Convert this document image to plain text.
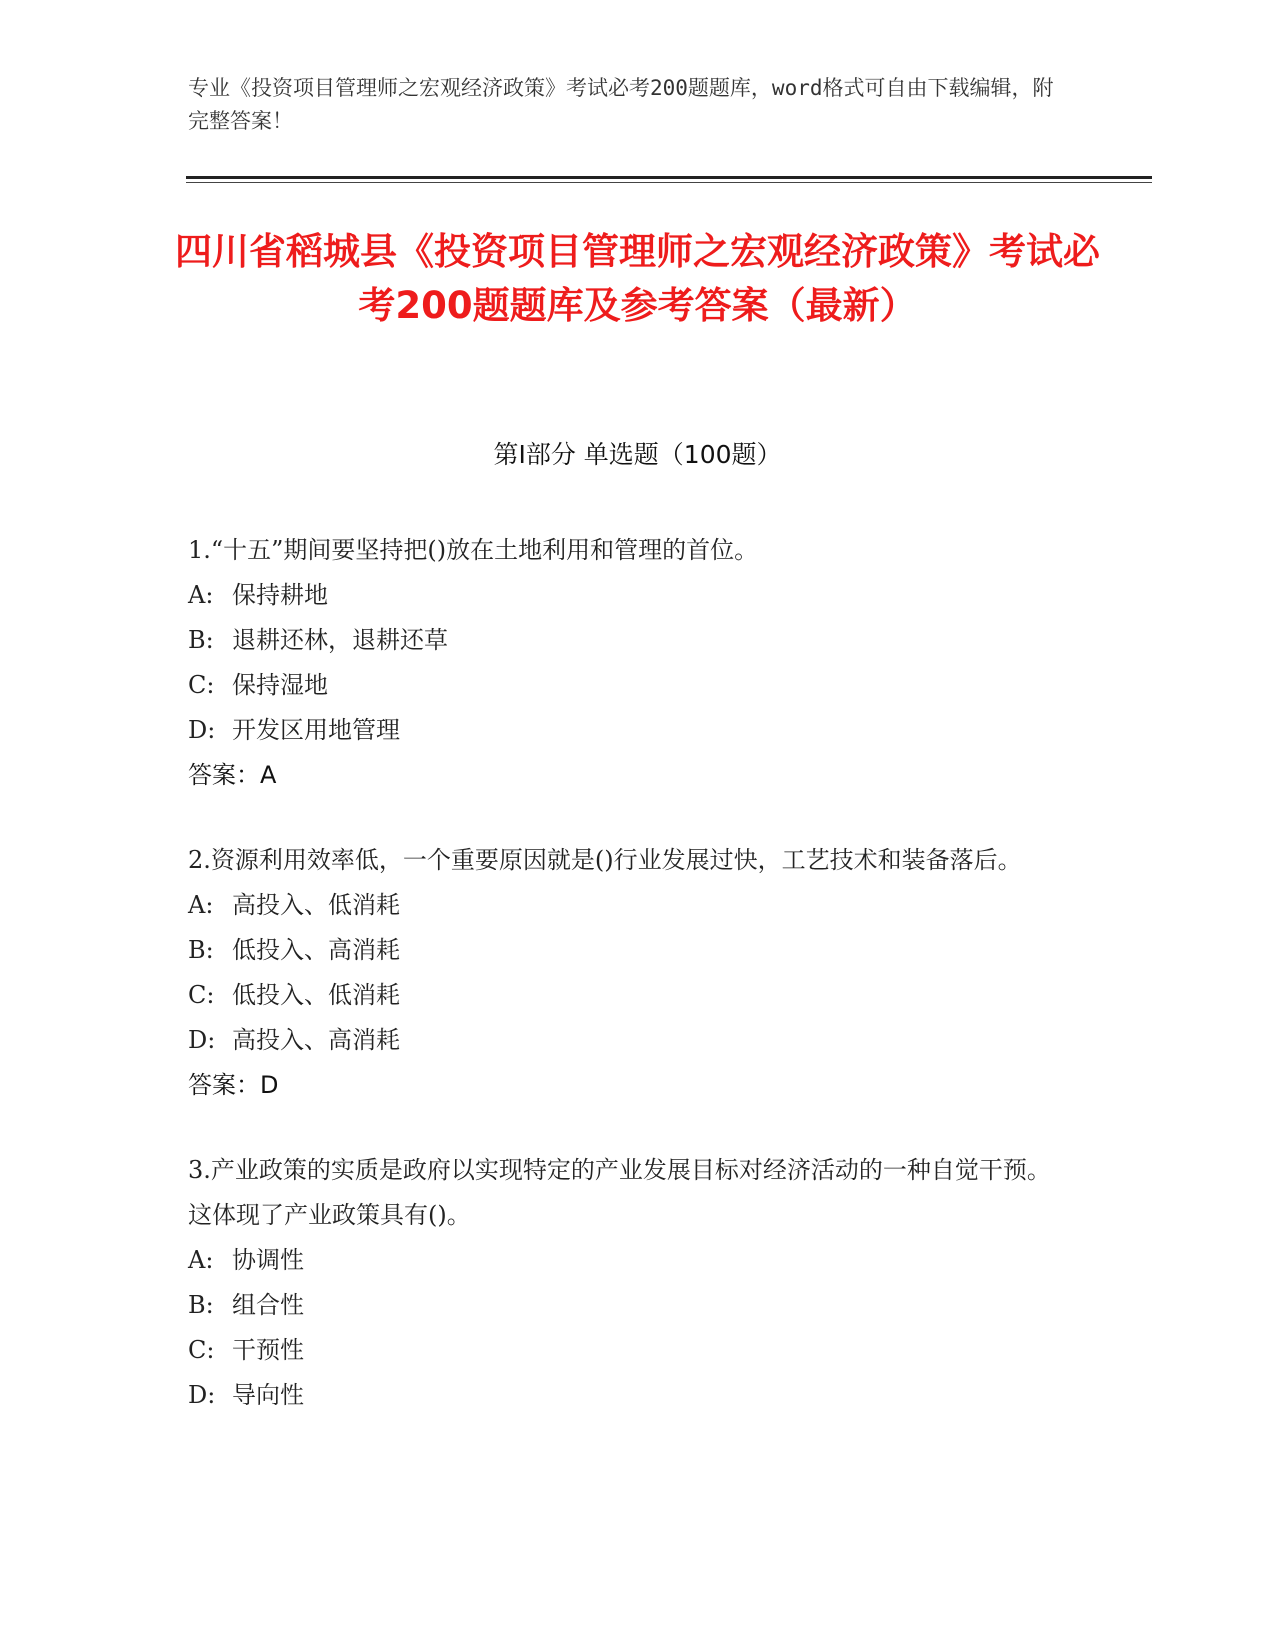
专业《投资项目管理师之宏观经济政策》考试必考200题题库，word格式可自由下载编辑，附完整答案！
四川省稻城县《投资项目管理师之宏观经济政策》考试必考200题题库及参考答案（最新）
第I部分 单选题（100题）
1.“十五”期间要坚持把()放在土地利用和管理的首位。
A: 保持耕地
B: 退耕还林，退耕还草
C: 保持湿地
D: 开发区用地管理
答案：A
2.资源利用效率低，一个重要原因就是()行业发展过快，工艺技术和装备落后。
A: 高投入、低消耗
B: 低投入、高消耗
C: 低投入、低消耗
D: 高投入、高消耗
答案：D
3.产业政策的实质是政府以实现特定的产业发展目标对经济活动的一种自觉干预。这体现了产业政策具有()。
A: 协调性
B: 组合性
C: 干预性
D: 导向性
